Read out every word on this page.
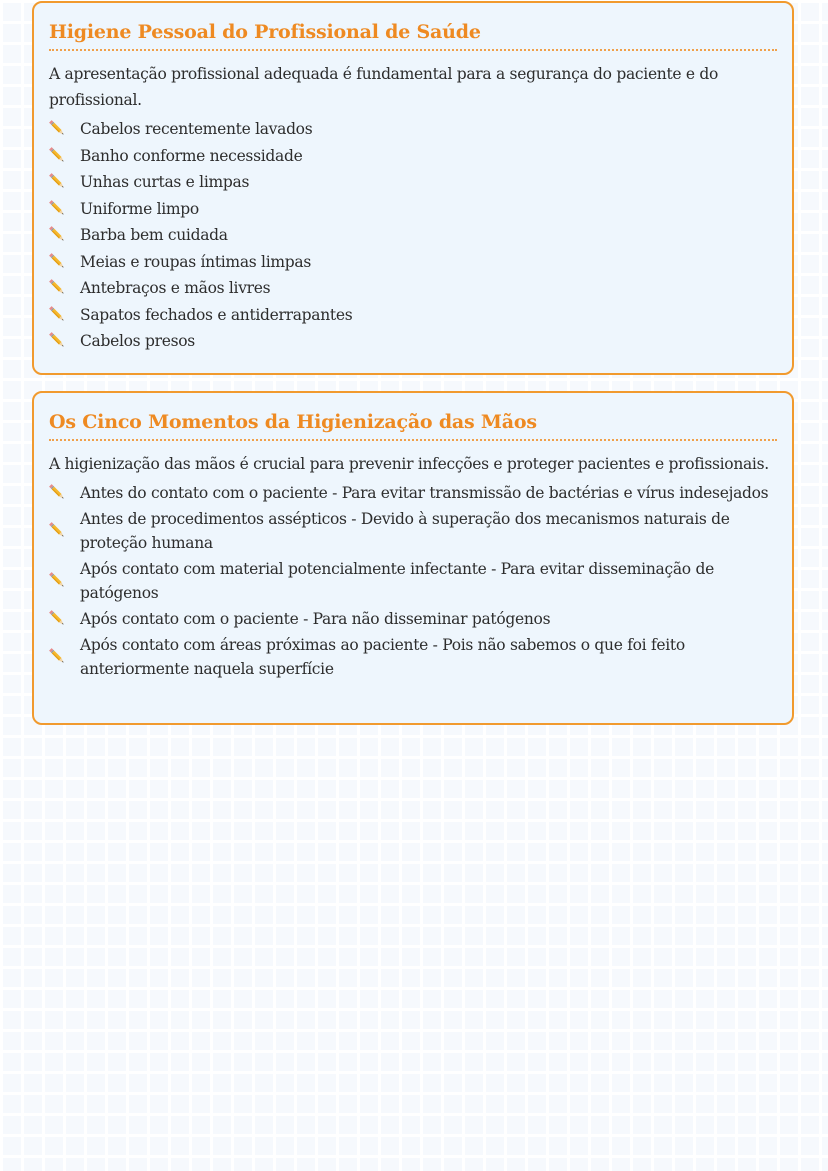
Higiene Pessoal do Profissional de Saúde

A apresentação profissional adequada é fundamental para a segurança do paciente e do profissional.

Cabelos recentemente lavados
Banho conforme necessidade
Unhas curtas e limpas
Uniforme limpo
Barba bem cuidada
Meias e roupas íntimas limpas
Antebraços e mãos livres
Sapatos fechados e antiderrapantes
Cabelos presos
Os Cinco Momentos da Higienização das Mãos

A higienização das mãos é crucial para prevenir infecções e proteger pacientes e profissionais.

Antes do contato com o paciente - Para evitar transmissão de bactérias e vírus indesejados
Antes de procedimentos assépticos - Devido à superação dos mecanismos naturais de proteção humana
Após contato com material potencialmente infectante - Para evitar disseminação de patógenos
Após contato com o paciente - Para não disseminar patógenos
Após contato com áreas próximas ao paciente - Pois não sabemos o que foi feito anteriormente naquela superfície
